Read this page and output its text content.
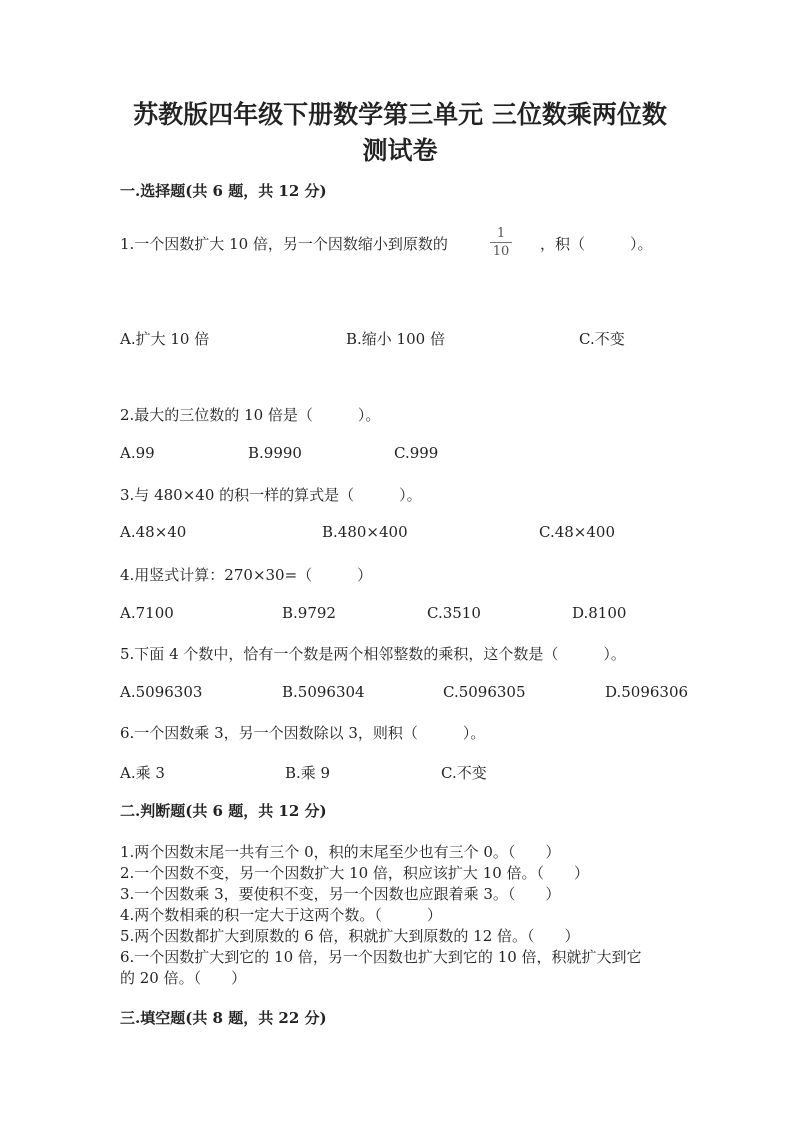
苏教版四年级下册数学第三单元 三位数乘两位数
测试卷
一.选择题(共 6 题，共 12 分)
1.一个因数扩大 10 倍，另一个因数缩小到原数的
1
10 ，积（　　　）。
A.扩大 10 倍	B.缩小 100 倍	C.不变
2.最大的三位数的 10 倍是（　　　）。
A.99	B.9990	C.999
3.与 480×40 的积一样的算式是（　　　）。
A.48×40	B.480×400	C.48×400
4.用竖式计算：270×30=（　　　）
A.7100	B.9792	C.3510	D.8100
5.下面 4 个数中，恰有一个数是两个相邻整数的乘积，这个数是（　　　）。
A.5096303	B.5096304	C.5096305	D.5096306
6.一个因数乘 3，另一个因数除以 3，则积（　　　）。
A.乘 3	B.乘 9	C.不变
二.判断题(共 6 题，共 12 分)
1.两个因数末尾一共有三个 0，积的末尾至少也有三个 0。（　　）
2.一个因数不变，另一个因数扩大 10 倍，积应该扩大 10 倍。（　　）
3.一个因数乘 3，要使积不变，另一个因数也应跟着乘 3。（　　）
4.两个数相乘的积一定大于这两个数。（　　　）
5.两个因数都扩大到原数的 6 倍，积就扩大到原数的 12 倍。（　　）
6.一个因数扩大到它的 10 倍，另一个因数也扩大到它的 10 倍，积就扩大到它
的 20 倍。（　　）
三.填空题(共 8 题，共 22 分)
